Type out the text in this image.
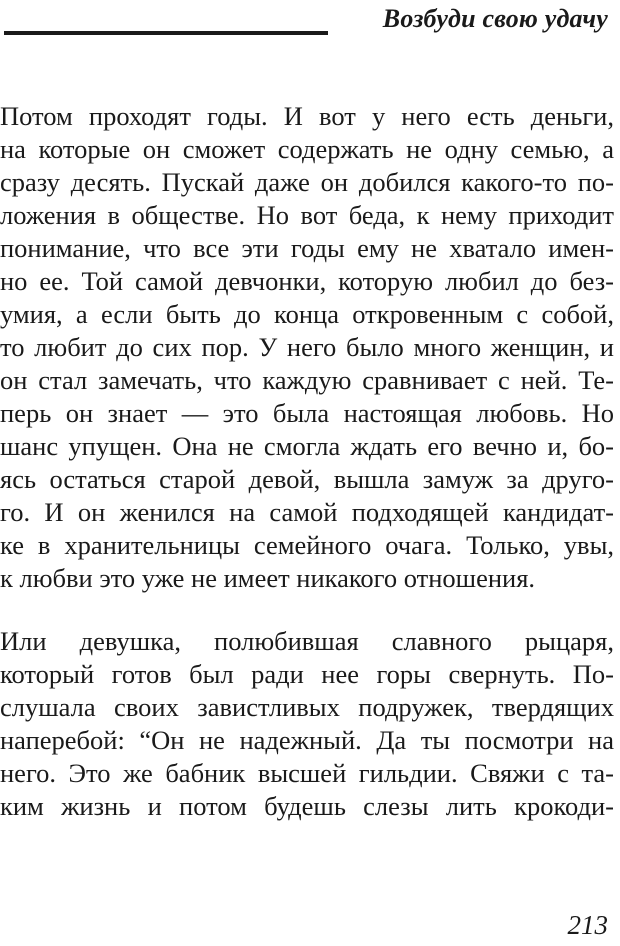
Возбуди свою удачу
Потом проходят годы. И вот у него есть деньги,
на которые он сможет содержать не одну семью, а
сразу десять. Пускай даже он добился какого-то по-
ложения в обществе. Но вот беда, к нему приходит
понимание, что все эти годы ему не хватало имен-
но ее. Той самой девчонки, которую любил до без-
умия, а если быть до конца откровенным с собой,
то любит до сих пор. У него было много женщин, и
он стал замечать, что каждую сравнивает с ней. Те-
перь он знает — это была настоящая любовь. Но
шанс упущен. Она не смогла ждать его вечно и, бо-
ясь остаться старой девой, вышла замуж за друго-
го. И он женился на самой подходящей кандидат-
ке в хранительницы семейного очага. Только, увы,
к любви это уже не имеет никакого отношения.
Или девушка, полюбившая славного рыцаря,
который готов был ради нее горы свернуть. По-
слушала своих завистливых подружек, твердящих
наперебой: “Он не надежный. Да ты посмотри на
него. Это же бабник высшей гильдии. Свяжи с та-
ким жизнь и потом будешь слезы лить крокоди-
213
